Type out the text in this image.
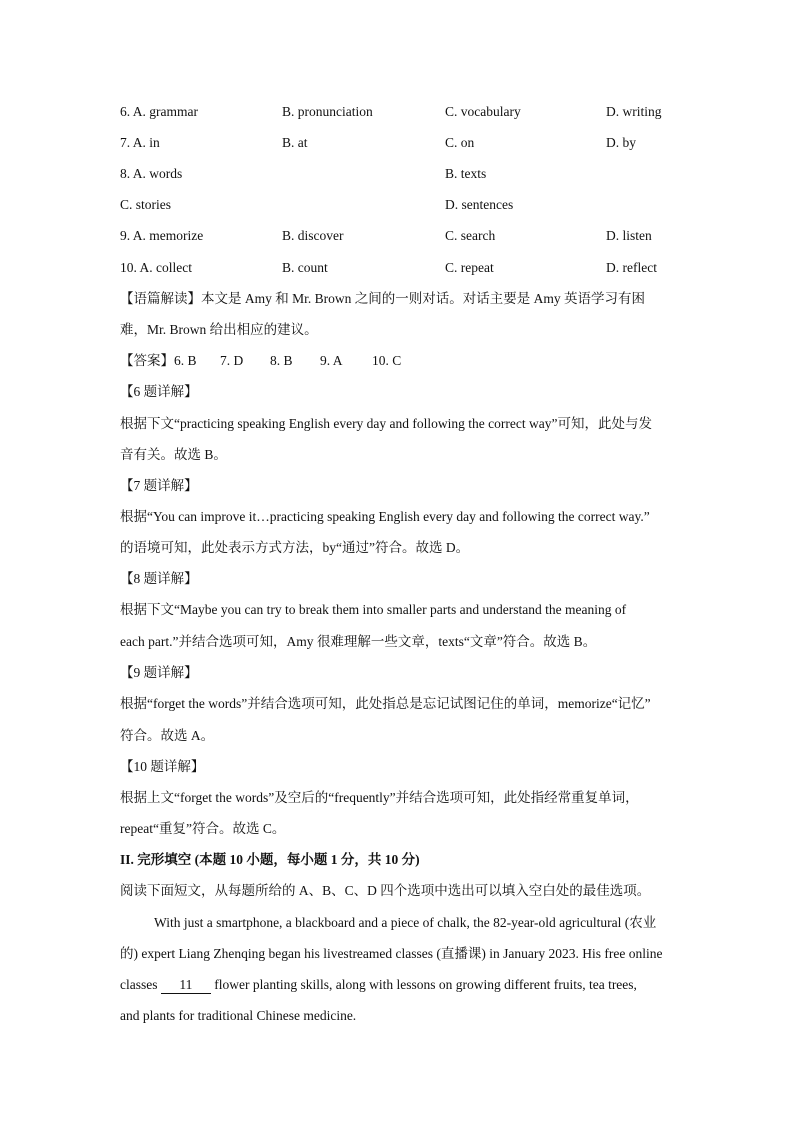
6. A. grammar	B. pronunciation	C. vocabulary	D. writing
7. A. in	B. at	C. on	D. by
8. A. words	B. texts
C. stories	D. sentences
9. A. memorize	B. discover	C. search	D. listen
10. A. collect	B. count	C. repeat	D. reflect
【语篇解读】本文是 Amy 和 Mr. Brown 之间的一则对话。对话主要是 Amy 英语学习有困
难，Mr. Brown 给出相应的建议。
【答案】6. B 7. D 8. B 9. A 10. C
【6 题详解】
根据下文“practicing speaking English every day and following the correct way”可知，此处与发
音有关。故选 B。
【7 题详解】
根据“You can improve it…practicing speaking English every day and following the correct way.”
的语境可知，此处表示方式方法，by“通过”符合。故选 D。
【8 题详解】
根据下文“Maybe you can try to break them into smaller parts and understand the meaning of
each part.”并结合选项可知，Amy 很难理解一些文章，texts“文章”符合。故选 B。
【9 题详解】
根据“forget the words”并结合选项可知，此处指总是忘记试图记住的单词，memorize“记忆”
符合。故选 A。
【10 题详解】
根据上文“forget the words”及空后的“frequently”并结合选项可知，此处指经常重复单词，
repeat“重复”符合。故选 C。
II. 完形填空 (本题 10 小题，每小题 1 分，共 10 分)
阅读下面短文，从每题所给的 A、B、C、D 四个选项中选出可以填入空白处的最佳选项。
With just a smartphone, a blackboard and a piece of chalk, the 82-year-old agricultural (农业
的) expert Liang Zhenqing began his livestreamed classes (直播课) in January 2023. His free online
classes 11 flower planting skills, along with lessons on growing different fruits, tea trees,
and plants for traditional Chinese medicine.
